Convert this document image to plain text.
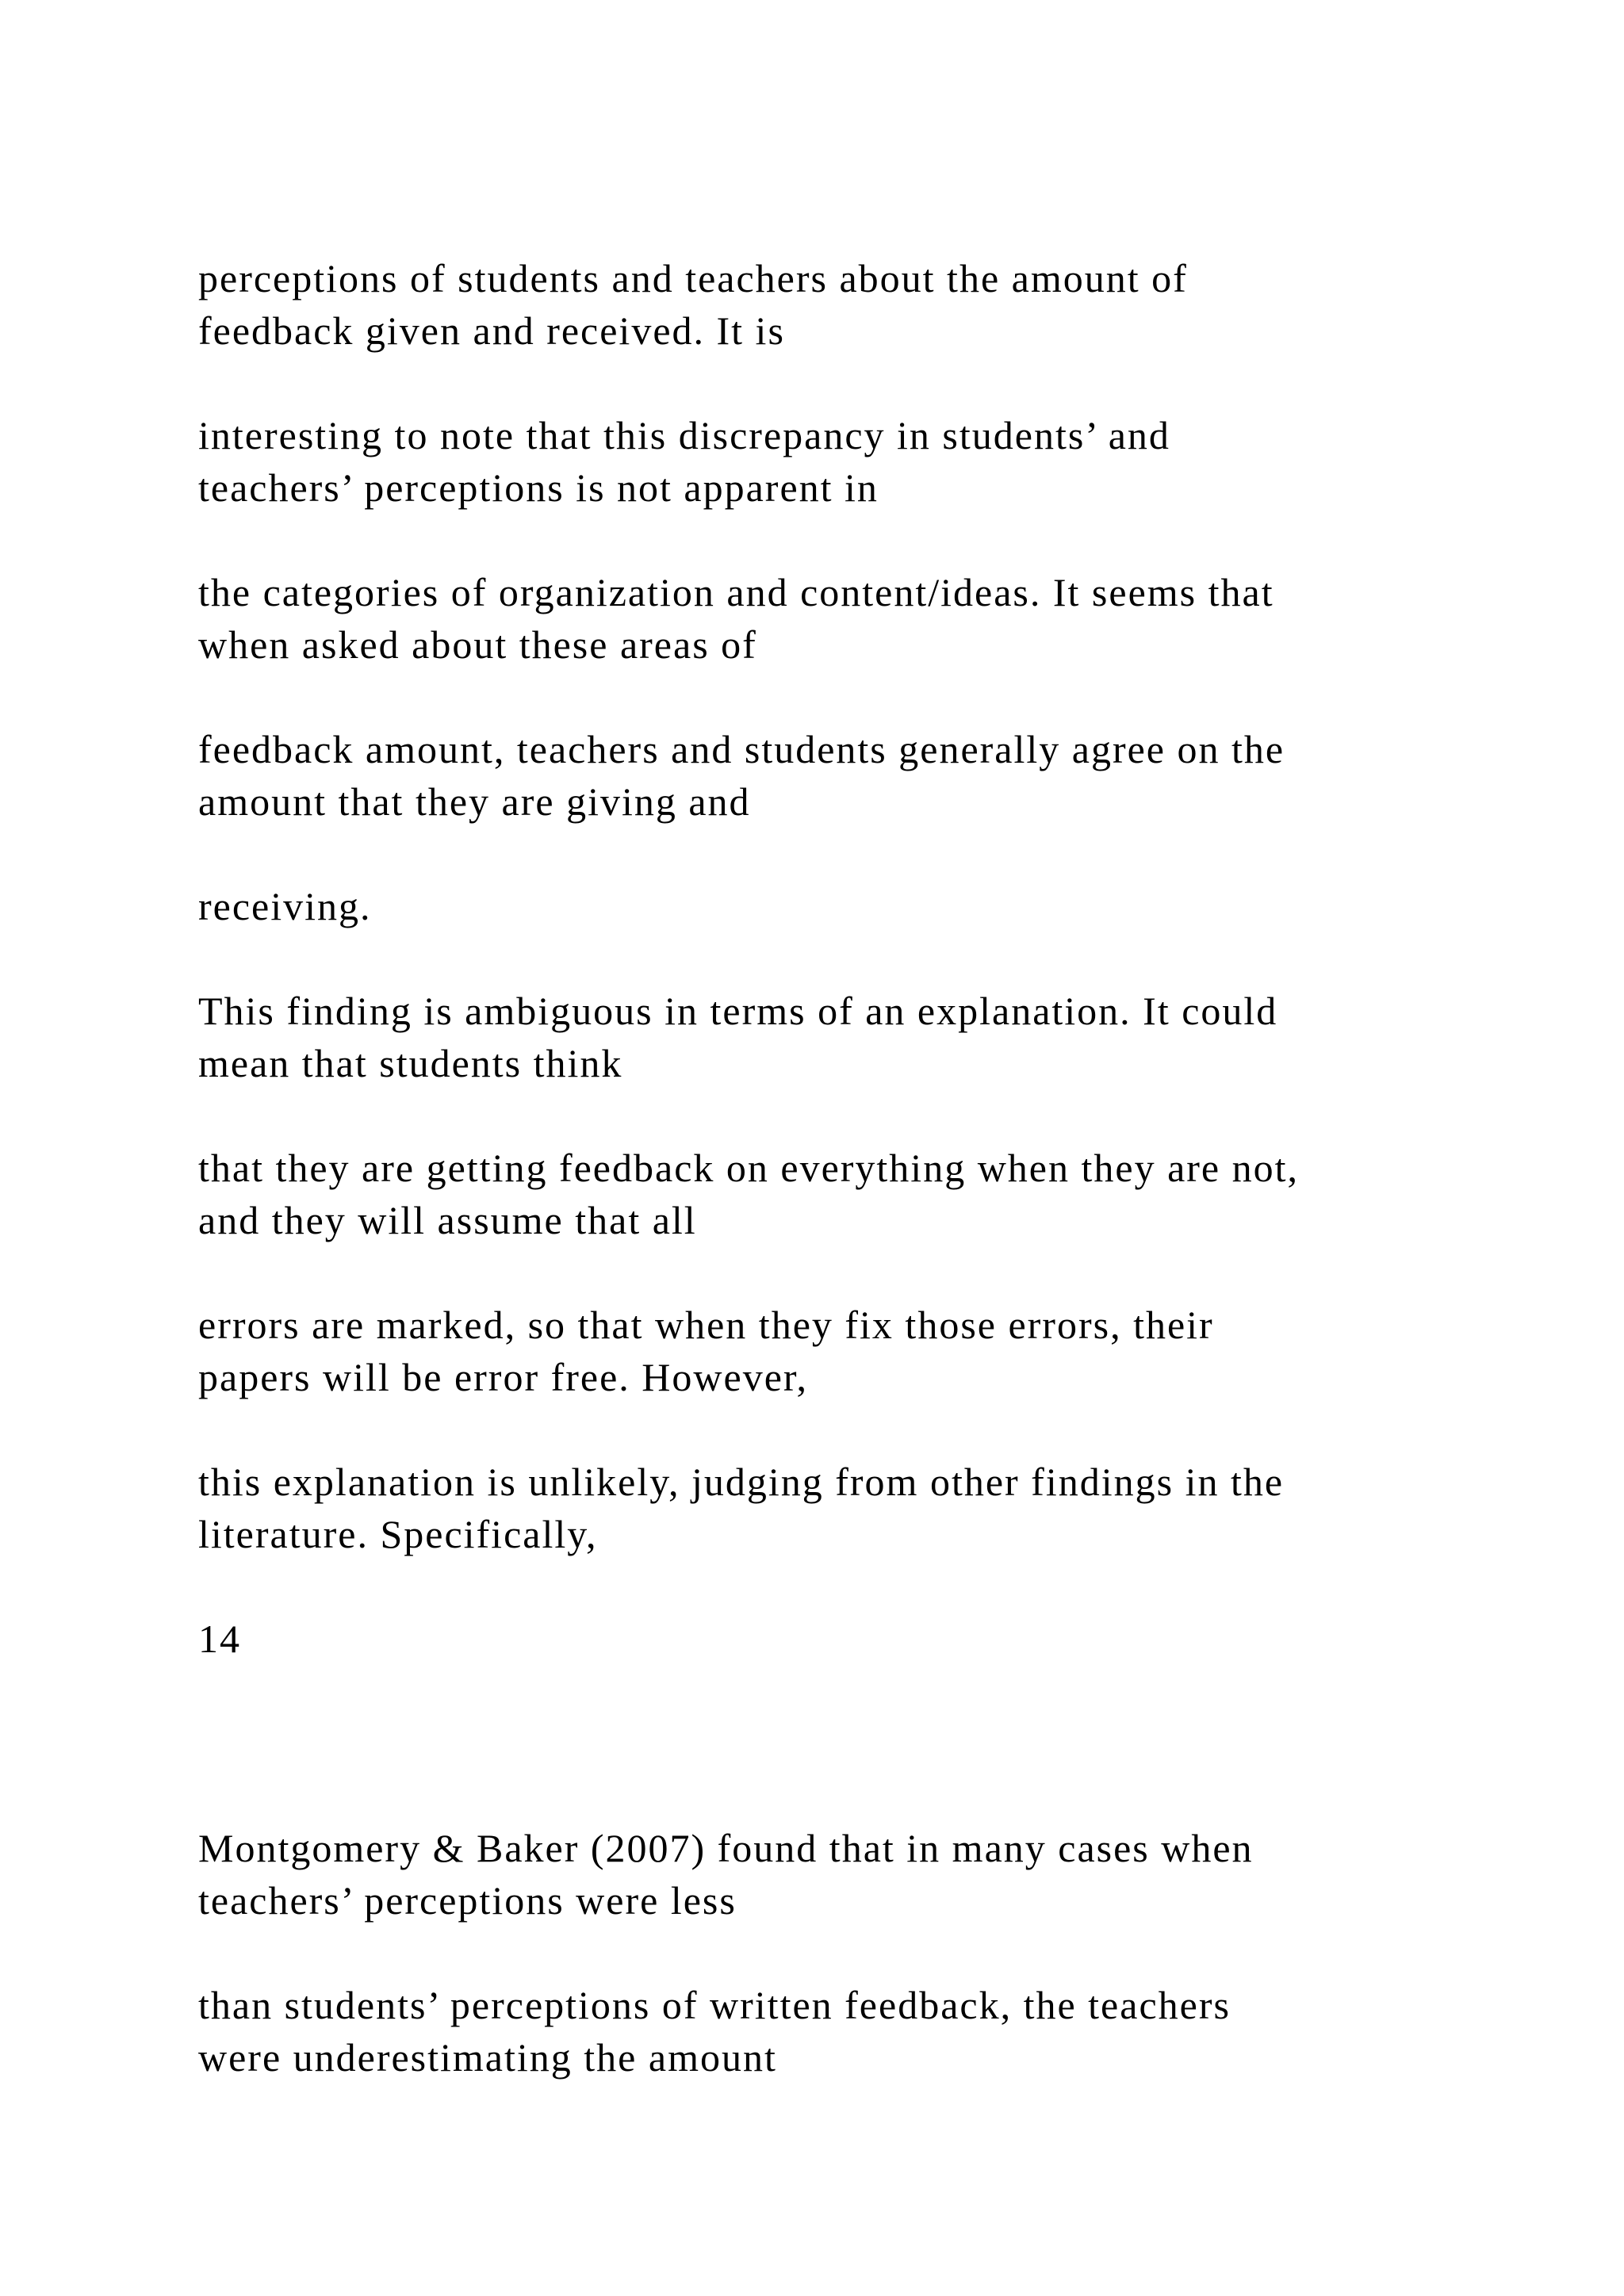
perceptions of students and teachers about the amount of
feedback given and received. It is

interesting to note that this discrepancy in students’ and
teachers’ perceptions is not apparent in

the categories of organization and content/ideas. It seems that
when asked about these areas of

feedback amount, teachers and students generally agree on the
amount that they are giving and

receiving.

This finding is ambiguous in terms of an explanation. It could
mean that students think

that they are getting feedback on everything when they are not,
and they will assume that all

errors are marked, so that when they fix those errors, their
papers will be error free. However,

this explanation is unlikely, judging from other findings in the
literature. Specifically,

14

Montgomery & Baker (2007) found that in many cases when
teachers’ perceptions were less

than students’ perceptions of written feedback, the teachers
were underestimating the amount
